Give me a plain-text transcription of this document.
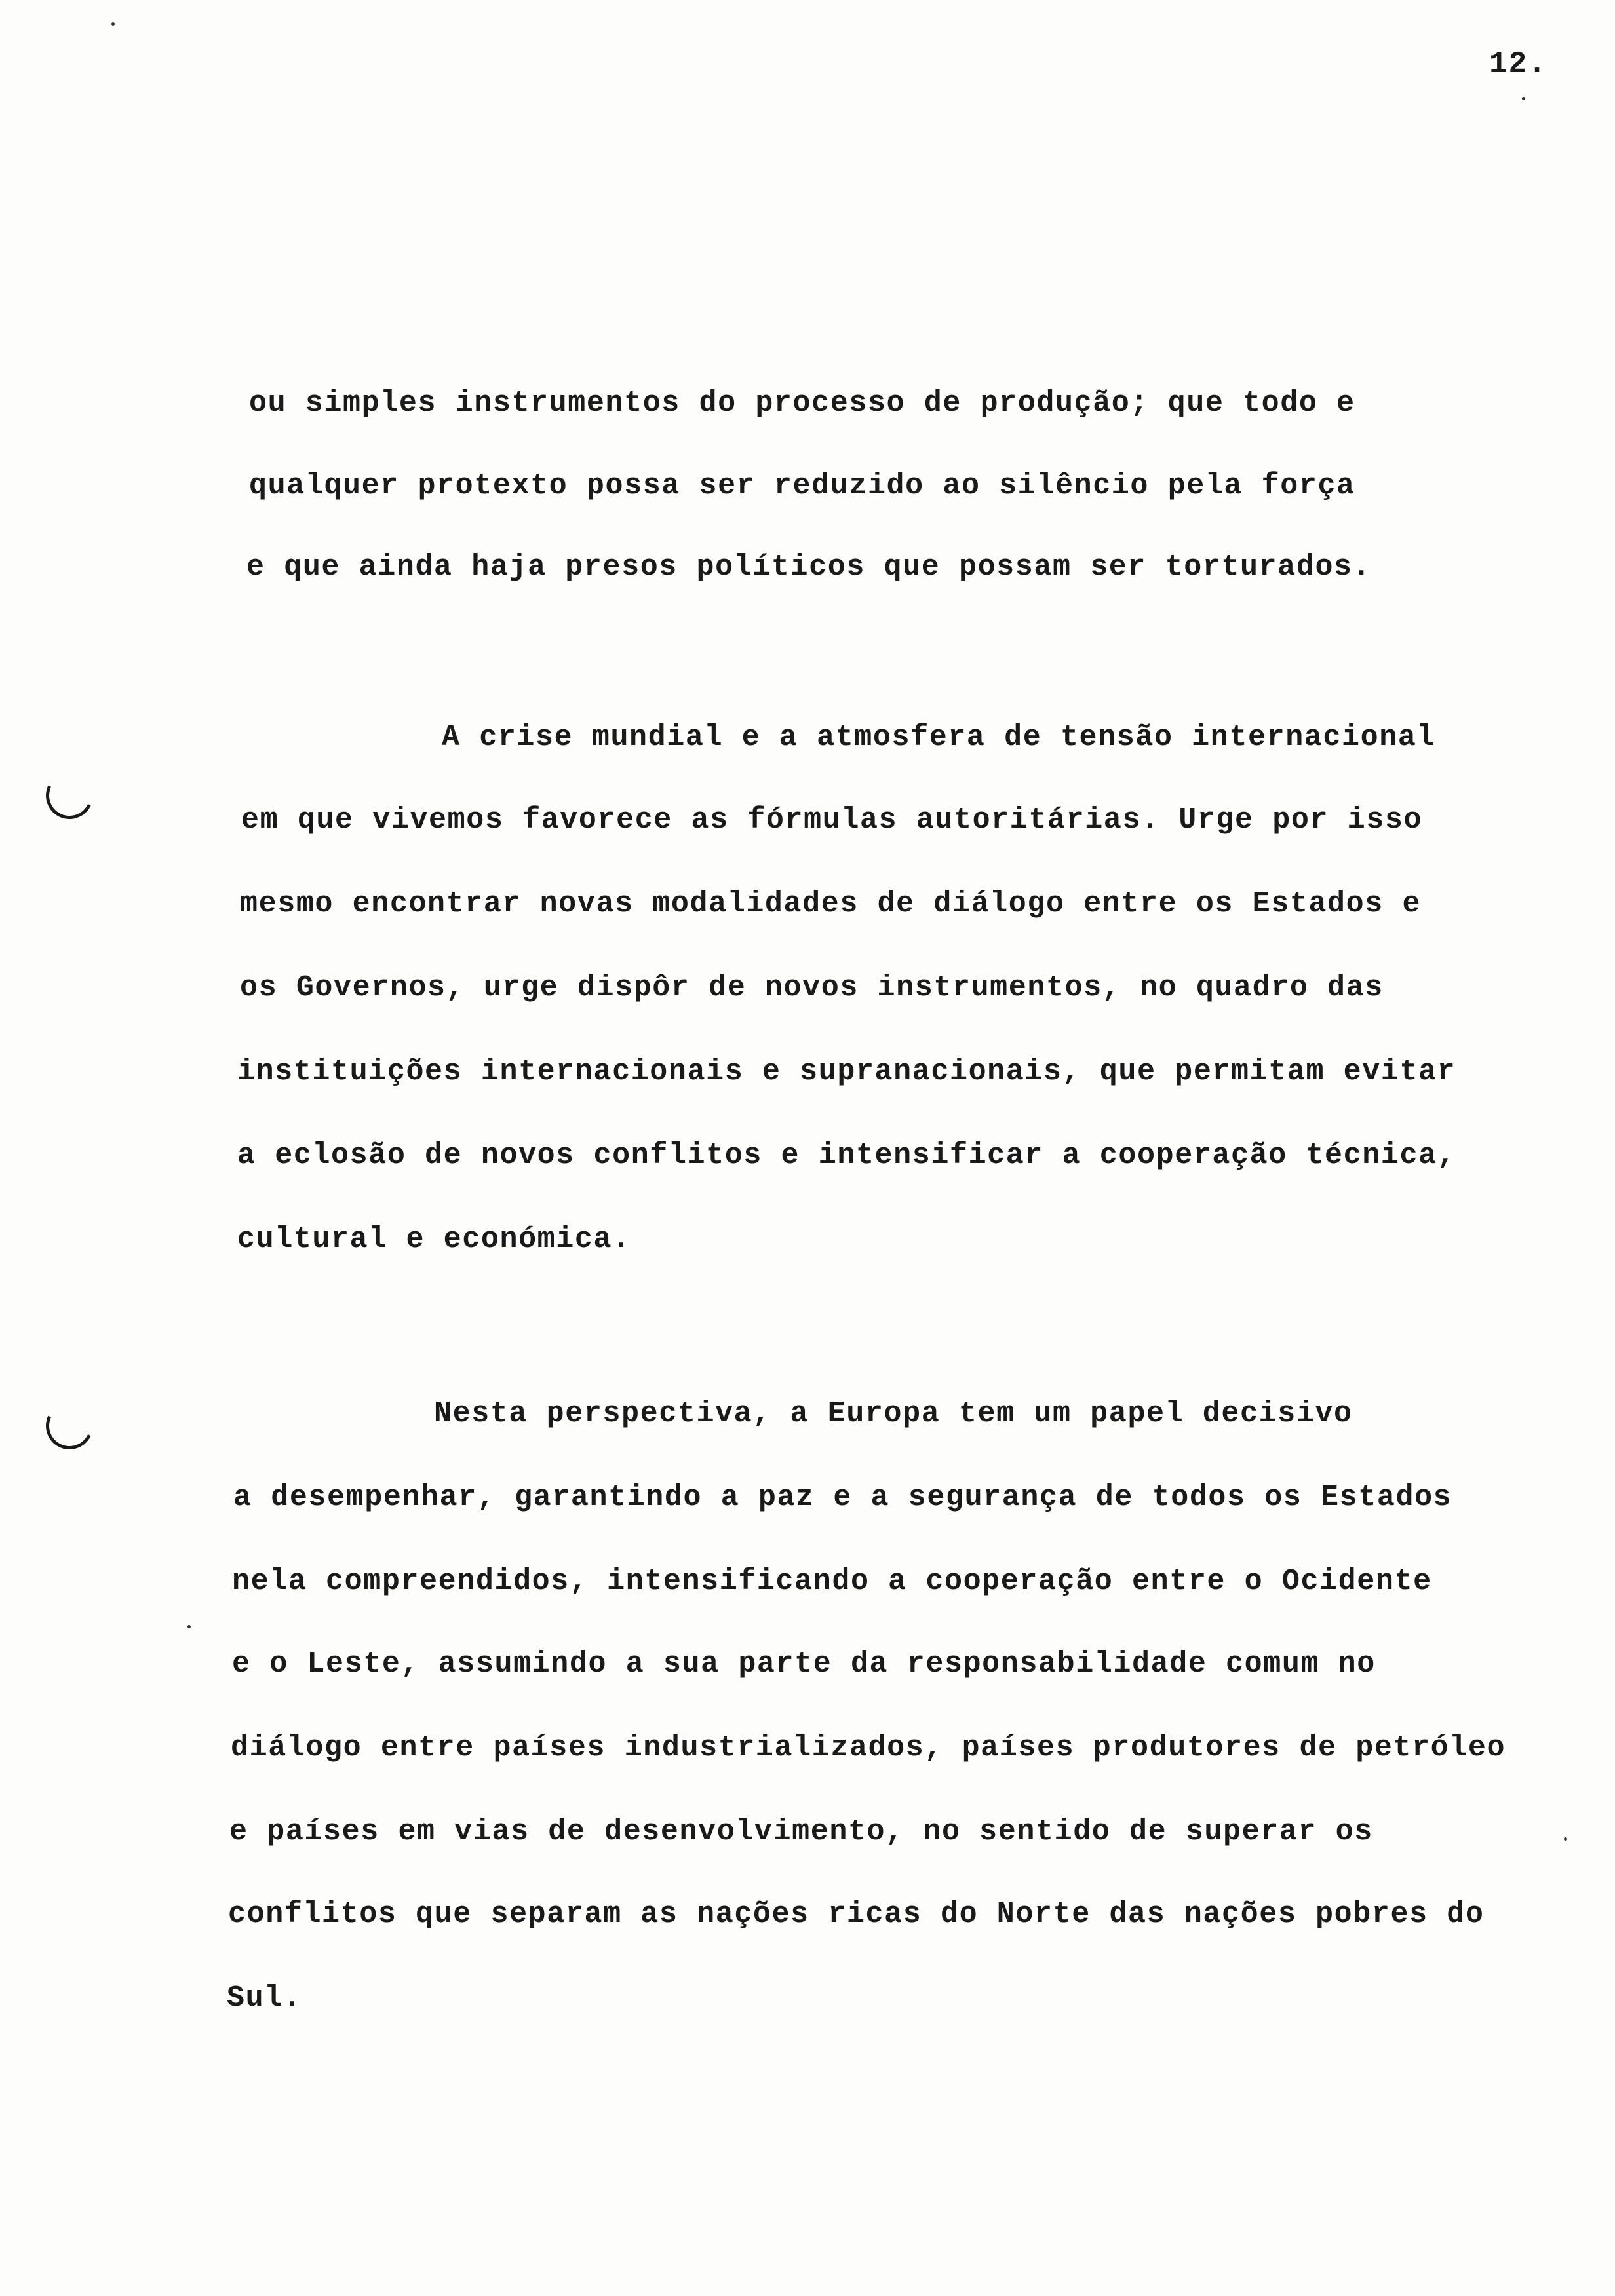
12.
ou simples instrumentos do processo de produção; que todo e
qualquer protexto possa ser reduzido ao silêncio pela força
e que ainda haja presos políticos que possam ser torturados.
A crise mundial e a atmosfera de tensão internacional
em que vivemos favorece as fórmulas autoritárias. Urge por isso
mesmo encontrar novas modalidades de diálogo entre os Estados e
os Governos, urge dispôr de novos instrumentos, no quadro das
instituições internacionais e supranacionais, que permitam evitar
a eclosão de novos conflitos e intensificar a cooperação técnica,
cultural e económica.
Nesta perspectiva, a Europa tem um papel decisivo
a desempenhar, garantindo a paz e a segurança de todos os Estados
nela compreendidos, intensificando a cooperação entre o Ocidente
e o Leste, assumindo a sua parte da responsabilidade comum no
diálogo entre países industrializados, países produtores de petróleo
e países em vias de desenvolvimento, no sentido de superar os
conflitos que separam as nações ricas do Norte das nações pobres do
Sul.
